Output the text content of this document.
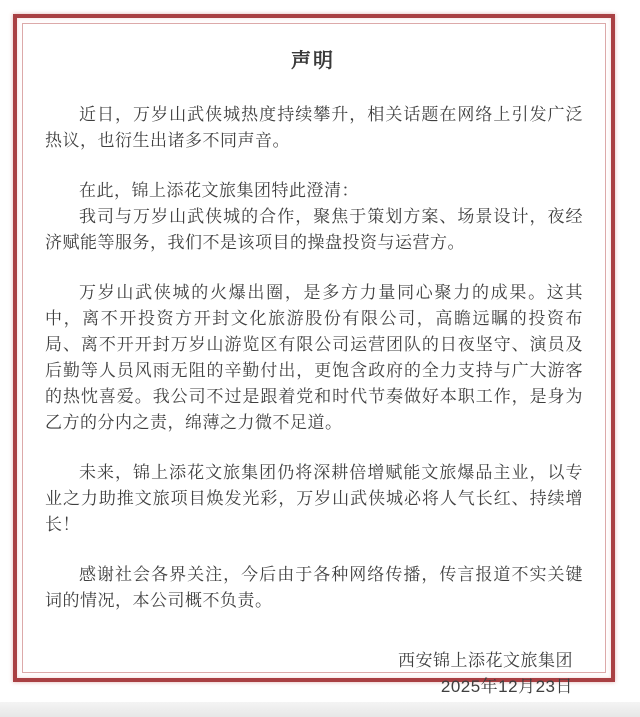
声明

近日，万岁山武侠城热度持续攀升，相关话题在网络上引发广泛热议，也衍生出诸多不同声音。

在此，锦上添花文旅集团特此澄清：

我司与万岁山武侠城的合作，聚焦于策划方案、场景设计，夜经济赋能等服务，我们不是该项目的操盘投资与运营方。

万岁山武侠城的火爆出圈，是多方力量同心聚力的成果。这其中，离不开投资方开封文化旅游股份有限公司，高瞻远瞩的投资布局、离不开开封万岁山游览区有限公司运营团队的日夜坚守、演员及后勤等人员风雨无阻的辛勤付出，更饱含政府的全力支持与广大游客的热忱喜爱。我公司不过是跟着党和时代节奏做好本职工作，是身为乙方的分内之责，绵薄之力微不足道。

未来，锦上添花文旅集团仍将深耕倍增赋能文旅爆品主业，以专业之力助推文旅项目焕发光彩，万岁山武侠城必将人气长红、持续增长！

感谢社会各界关注，今后由于各种网络传播，传言报道不实关键词的情况，本公司概不负责。

西安锦上添花文旅集团
2025年12月23日
